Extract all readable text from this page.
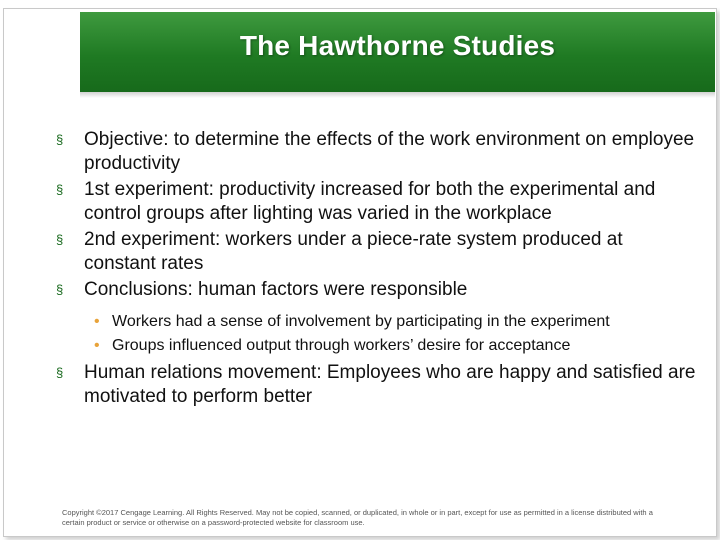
The Hawthorne Studies
§	Objective: to determine the effects of the work environment on employee productivity
§	1st experiment: productivity increased for both the experimental and control groups after lighting was varied in the workplace
§	2nd experiment: workers under a piece-rate system produced at constant rates
§	Conclusions: human factors were responsible
• Workers had a sense of involvement by participating in the experiment
• Groups influenced output through workers’ desire for acceptance
§	Human relations movement: Employees who are happy and satisfied are motivated to perform better
Copyright ©2017 Cengage Learning. All Rights Reserved. May not be copied, scanned, or duplicated, in whole or in part, except for use as permitted in a license distributed with a certain product or service or otherwise on a password-protected website for classroom use.
